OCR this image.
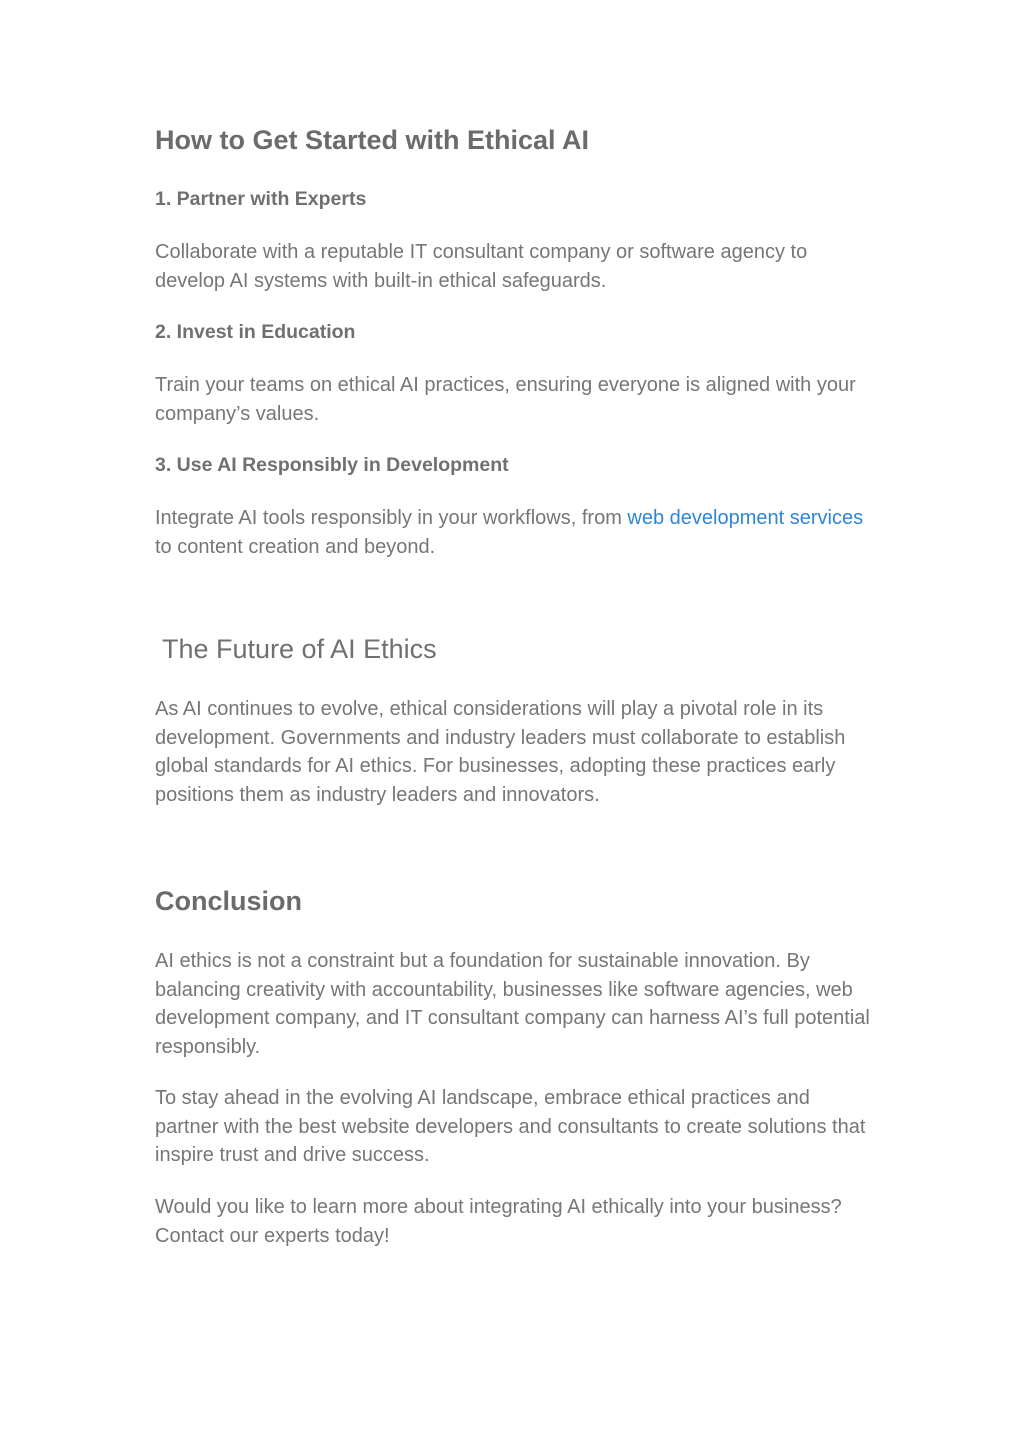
How to Get Started with Ethical AI
1. Partner with Experts

Collaborate with a reputable IT consultant company or software agency to develop AI systems with built-in ethical safeguards.

2. Invest in Education

Train your teams on ethical AI practices, ensuring everyone is aligned with your company’s values.

3. Use AI Responsibly in Development

Integrate AI tools responsibly in your workflows, from web development services to content creation and beyond.

The Future of AI Ethics

As AI continues to evolve, ethical considerations will play a pivotal role in its development. Governments and industry leaders must collaborate to establish global standards for AI ethics. For businesses, adopting these practices early positions them as industry leaders and innovators.

Conclusion

AI ethics is not a constraint but a foundation for sustainable innovation. By balancing creativity with accountability, businesses like software agencies, web development company, and IT consultant company can harness AI’s full potential responsibly.

To stay ahead in the evolving AI landscape, embrace ethical practices and partner with the best website developers and consultants to create solutions that inspire trust and drive success.

Would you like to learn more about integrating AI ethically into your business? Contact our experts today!
